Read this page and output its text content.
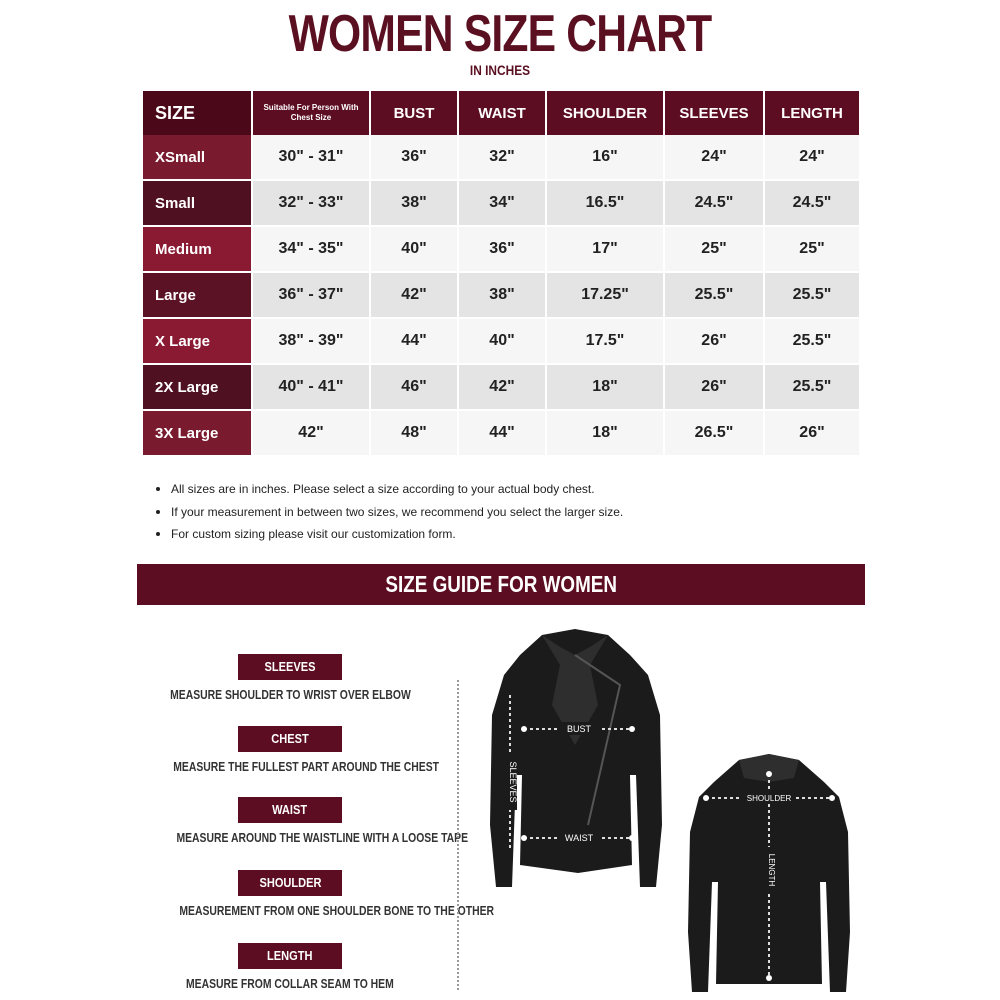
WOMEN SIZE CHART
IN INCHES
SIZE	Suitable For Person With Chest Size	BUST	WAIST	SHOULDER	SLEEVES	LENGTH
XSmall	30" - 31"	36"	32"	16"	24"	24"
Small	32" - 33"	38"	34"	16.5"	24.5"	24.5"
Medium	34" - 35"	40"	36"	17"	25"	25"
Large	36" - 37"	42"	38"	17.25"	25.5"	25.5"
X Large	38" - 39"	44"	40"	17.5"	26"	25.5"
2X Large	40" - 41"	46"	42"	18"	26"	25.5"
3X Large	42"	48"	44"	18"	26.5"	26"
All sizes are in inches. Please select a size according to your actual body chest.
If your measurement in between two sizes, we recommend you select the larger size.
For custom sizing please visit our customization form.
SIZE GUIDE FOR WOMEN
SLEEVES
MEASURE SHOULDER TO WRIST OVER ELBOW
CHEST
MEASURE THE FULLEST PART AROUND THE CHEST
WAIST
MEASURE AROUND THE WAISTLINE WITH A LOOSE TAPE
SHOULDER
MEASUREMENT FROM ONE SHOULDER BONE TO THE OTHER
LENGTH
MEASURE FROM COLLAR SEAM TO HEM
BUST
WAIST
SLEEVES	SHOULDER
LENGTH
